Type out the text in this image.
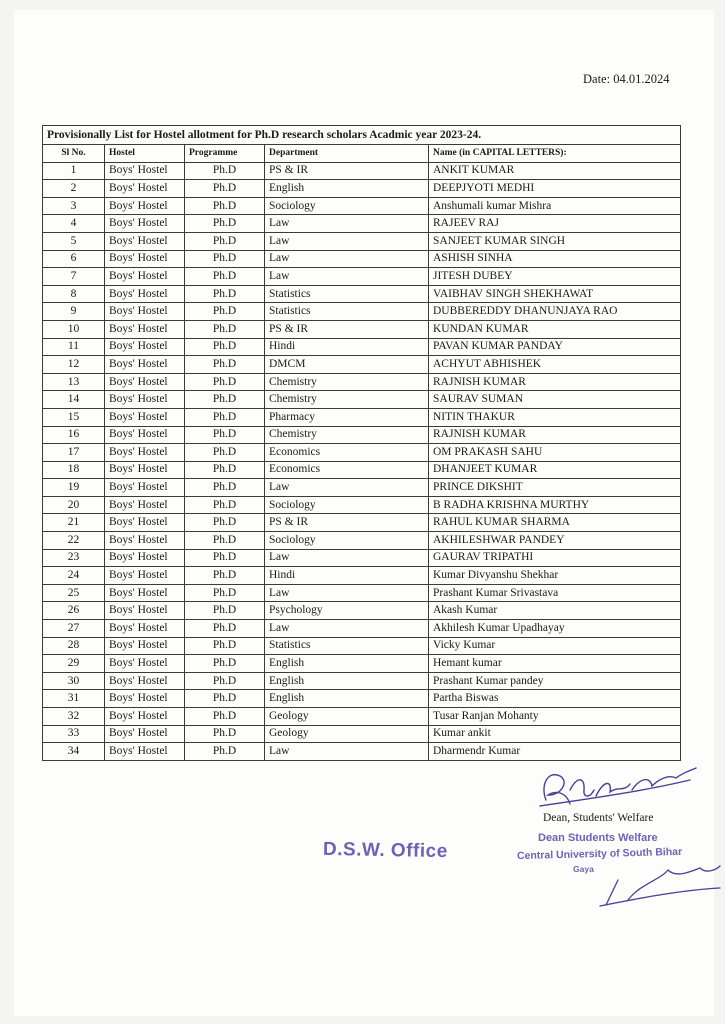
Date: 04.01.2024
Provisionally List for Hostel allotment for Ph.D research scholars Acadmic year 2023-24.				
Sl No.	Hostel	Programme	Department	Name (in CAPITAL LETTERS):
1	Boys' Hostel	Ph.D	PS & IR	ANKIT KUMAR
2	Boys' Hostel	Ph.D	English	DEEPJYOTI MEDHI
3	Boys' Hostel	Ph.D	Sociology	Anshumali kumar Mishra
4	Boys' Hostel	Ph.D	Law	RAJEEV RAJ
5	Boys' Hostel	Ph.D	Law	SANJEET KUMAR SINGH
6	Boys' Hostel	Ph.D	Law	ASHISH SINHA
7	Boys' Hostel	Ph.D	Law	JITESH DUBEY
8	Boys' Hostel	Ph.D	Statistics	VAIBHAV SINGH SHEKHAWAT
9	Boys' Hostel	Ph.D	Statistics	DUBBEREDDY DHANUNJAYA RAO
10	Boys' Hostel	Ph.D	PS & IR	KUNDAN KUMAR
11	Boys' Hostel	Ph.D	Hindi	PAVAN KUMAR PANDAY
12	Boys' Hostel	Ph.D	DMCM	ACHYUT ABHISHEK
13	Boys' Hostel	Ph.D	Chemistry	RAJNISH KUMAR
14	Boys' Hostel	Ph.D	Chemistry	SAURAV SUMAN
15	Boys' Hostel	Ph.D	Pharmacy	NITIN THAKUR
16	Boys' Hostel	Ph.D	Chemistry	RAJNISH KUMAR
17	Boys' Hostel	Ph.D	Economics	OM PRAKASH SAHU
18	Boys' Hostel	Ph.D	Economics	DHANJEET KUMAR
19	Boys' Hostel	Ph.D	Law	PRINCE DIKSHIT
20	Boys' Hostel	Ph.D	Sociology	B RADHA KRISHNA MURTHY
21	Boys' Hostel	Ph.D	PS & IR	RAHUL KUMAR SHARMA
22	Boys' Hostel	Ph.D	Sociology	AKHILESHWAR PANDEY
23	Boys' Hostel	Ph.D	Law	GAURAV TRIPATHI
24	Boys' Hostel	Ph.D	Hindi	Kumar Divyanshu Shekhar
25	Boys' Hostel	Ph.D	Law	Prashant Kumar Srivastava
26	Boys' Hostel	Ph.D	Psychology	Akash Kumar
27	Boys' Hostel	Ph.D	Law	Akhilesh Kumar Upadhayay
28	Boys' Hostel	Ph.D	Statistics	Vicky Kumar
29	Boys' Hostel	Ph.D	English	Hemant kumar
30	Boys' Hostel	Ph.D	English	Prashant Kumar pandey
31	Boys' Hostel	Ph.D	English	Partha Biswas
32	Boys' Hostel	Ph.D	Geology	Tusar Ranjan Mohanty
33	Boys' Hostel	Ph.D	Geology	Kumar ankit
34	Boys' Hostel	Ph.D	Law	Dharmendr Kumar
Dean, Students' Welfare
D.S.W. Office
Dean Students Welfare
Central University of South Bihar
Gaya
